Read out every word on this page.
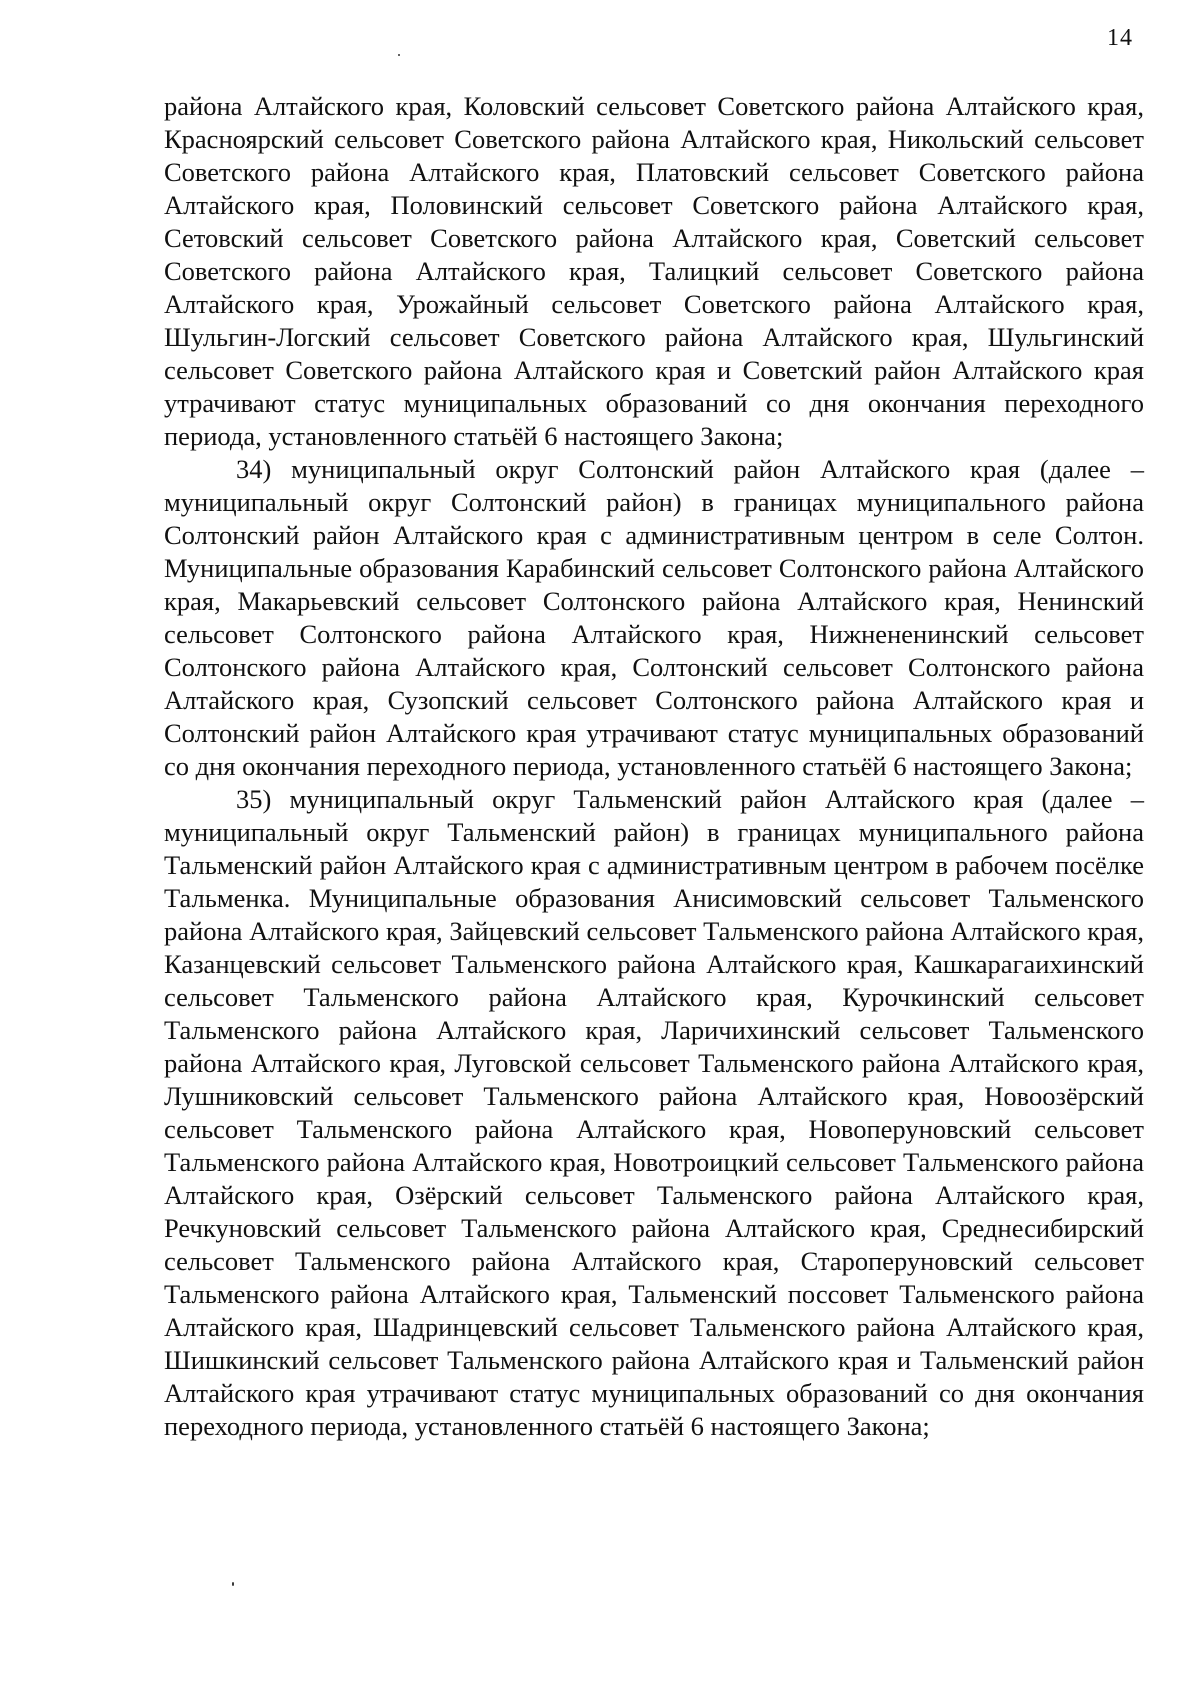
14

района Алтайского края, Коловский сельсовет Советского района Алтайского края, Красноярский сельсовет Советского района Алтайского края, Никольский сельсовет Советского района Алтайского края, Платовский сельсовет Советского района Алтайского края, Половинский сельсовет Советского района Алтайского края, Сетовский сельсовет Советского района Алтайского края, Советский сельсовет Советского района Алтайского края, Талицкий сельсовет Советского района Алтайского края, Урожайный сельсовет Советского района Алтайского края, Шульгин-Логский сельсовет Советского района Алтайского края, Шульгинский сельсовет Советского района Алтайского края и Советский район Алтайского края утрачивают статус муниципальных образований со дня окончания переходного периода, установленного статьёй 6 настоящего Закона;

34) муниципальный округ Солтонский район Алтайского края (далее – муниципальный округ Солтонский район) в границах муниципального района Солтонский район Алтайского края с административным центром в селе Солтон. Муниципальные образования Карабинский сельсовет Солтонского района Алтайского края, Макарьевский сельсовет Солтонского района Алтайского края, Ненинский сельсовет Солтонского района Алтайского края, Нижнененинский сельсовет Солтонского района Алтайского края, Солтонский сельсовет Солтонского района Алтайского края, Сузопский сельсовет Солтонского района Алтайского края и Солтонский район Алтайского края утрачивают статус муниципальных образований со дня окончания переходного периода, установленного статьёй 6 настоящего Закона;

35) муниципальный округ Тальменский район Алтайского края (далее – муниципальный округ Тальменский район) в границах муниципального района Тальменский район Алтайского края с административным центром в рабочем посёлке Тальменка. Муниципальные образования Анисимовский сельсовет Тальменского района Алтайского края, Зайцевский сельсовет Тальменского района Алтайского края, Казанцевский сельсовет Тальменского района Алтайского края, Кашкарагаихинский сельсовет Тальменского района Алтайского края, Курочкинский сельсовет Тальменского района Алтайского края, Ларичихинский сельсовет Тальменского района Алтайского края, Луговской сельсовет Тальменского района Алтайского края, Лушниковский сельсовет Тальменского района Алтайского края, Новоозёрский сельсовет Тальменского района Алтайского края, Новоперуновский сельсовет Тальменского района Алтайского края, Новотроицкий сельсовет Тальменского района Алтайского края, Озёрский сельсовет Тальменского района Алтайского края, Речкуновский сельсовет Тальменского района Алтайского края, Среднесибирский сельсовет Тальменского района Алтайского края, Староперуновский сельсовет Тальменского района Алтайского края, Тальменский поссовет Тальменского района Алтайского края, Шадринцевский сельсовет Тальменского района Алтайского края, Шишкинский сельсовет Тальменского района Алтайского края и Тальменский район Алтайского края утрачивают статус муниципальных образований со дня окончания переходного периода, установленного статьёй 6 настоящего Закона;
